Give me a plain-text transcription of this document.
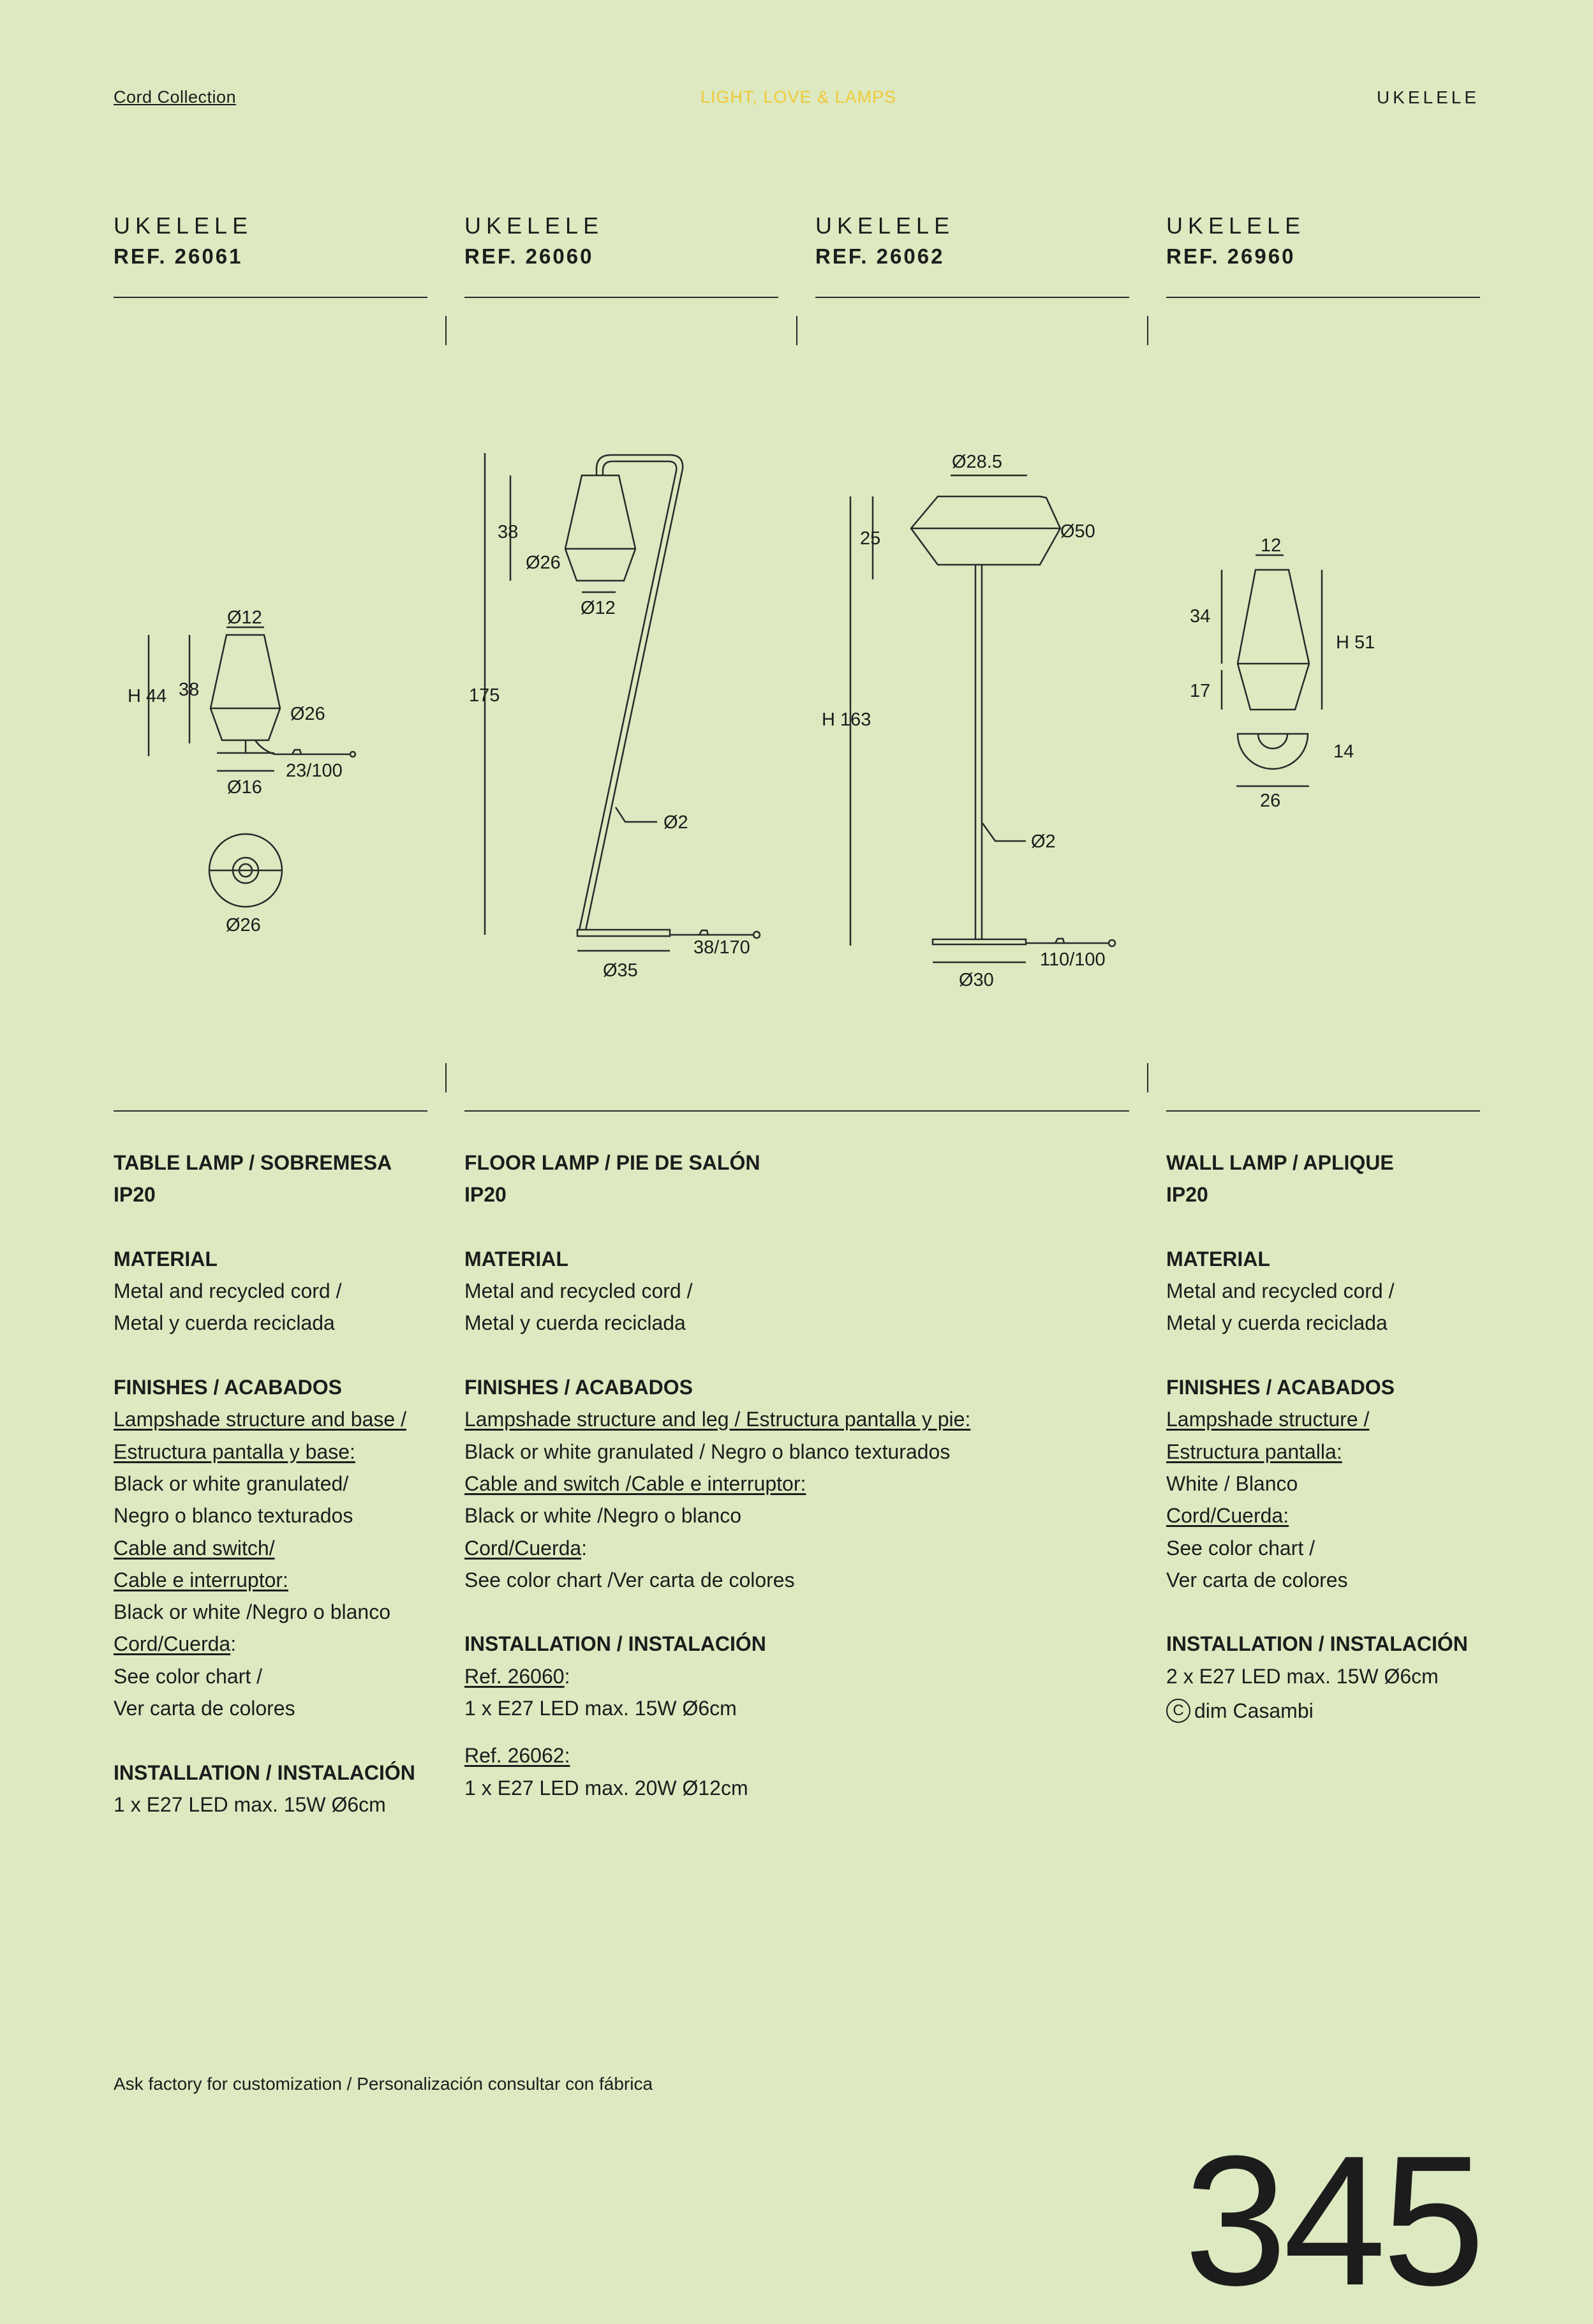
Cord Collection	LIGHT, LOVE & LAMPS	UKELELE
UKELELE
REF. 26061
UKELELE
REF. 26060
UKELELE
REF. 26062
UKELELE
REF. 26960
Ø12
H 44 38
Ø26
Ø16
23/100
Ø26
38
Ø26
Ø12
175
Ø2
38/170
Ø35
Ø28.5
25	Ø50
H 163
Ø2
110/100
Ø30
12
34
17
H 51
14
26
TABLE LAMP / SOBREMESA
IP20
MATERIAL
Metal and recycled cord /
Metal y cuerda reciclada
FINISHES / ACABADOS
Lampshade structure and base /
Estructura pantalla y base:
Black or white granulated/
Negro o blanco texturados
Cable and switch/
Cable e interruptor:
Black or white /Negro o blanco
Cord/Cuerda:
See color chart /
Ver carta de colores
INSTALLATION / INSTALACIÓN
1 x E27 LED max. 15W Ø6cm
FLOOR LAMP / PIE DE SALÓN
IP20
MATERIAL
Metal and recycled cord /
Metal y cuerda reciclada
FINISHES / ACABADOS
Lampshade structure and leg / Estructura pantalla y pie:
Black or white granulated / Negro o blanco texturados
Cable and switch /Cable e interruptor:
Black or white /Negro o blanco
Cord/Cuerda:
See color chart /Ver carta de colores
INSTALLATION / INSTALACIÓN
Ref. 26060:
1 x E27 LED max. 15W Ø6cm
Ref. 26062:
1 x E27 LED max. 20W Ø12cm
WALL LAMP / APLIQUE
IP20
MATERIAL
Metal and recycled cord /
Metal y cuerda reciclada
FINISHES / ACABADOS
Lampshade structure /
Estructura pantalla:
White / Blanco
Cord/Cuerda:
See color chart /
Ver carta de colores
INSTALLATION / INSTALACIÓN
2 x E27 LED max. 15W Ø6cm
C dim Casambi
Ask factory for customization / Personalización consultar con fábrica
345
